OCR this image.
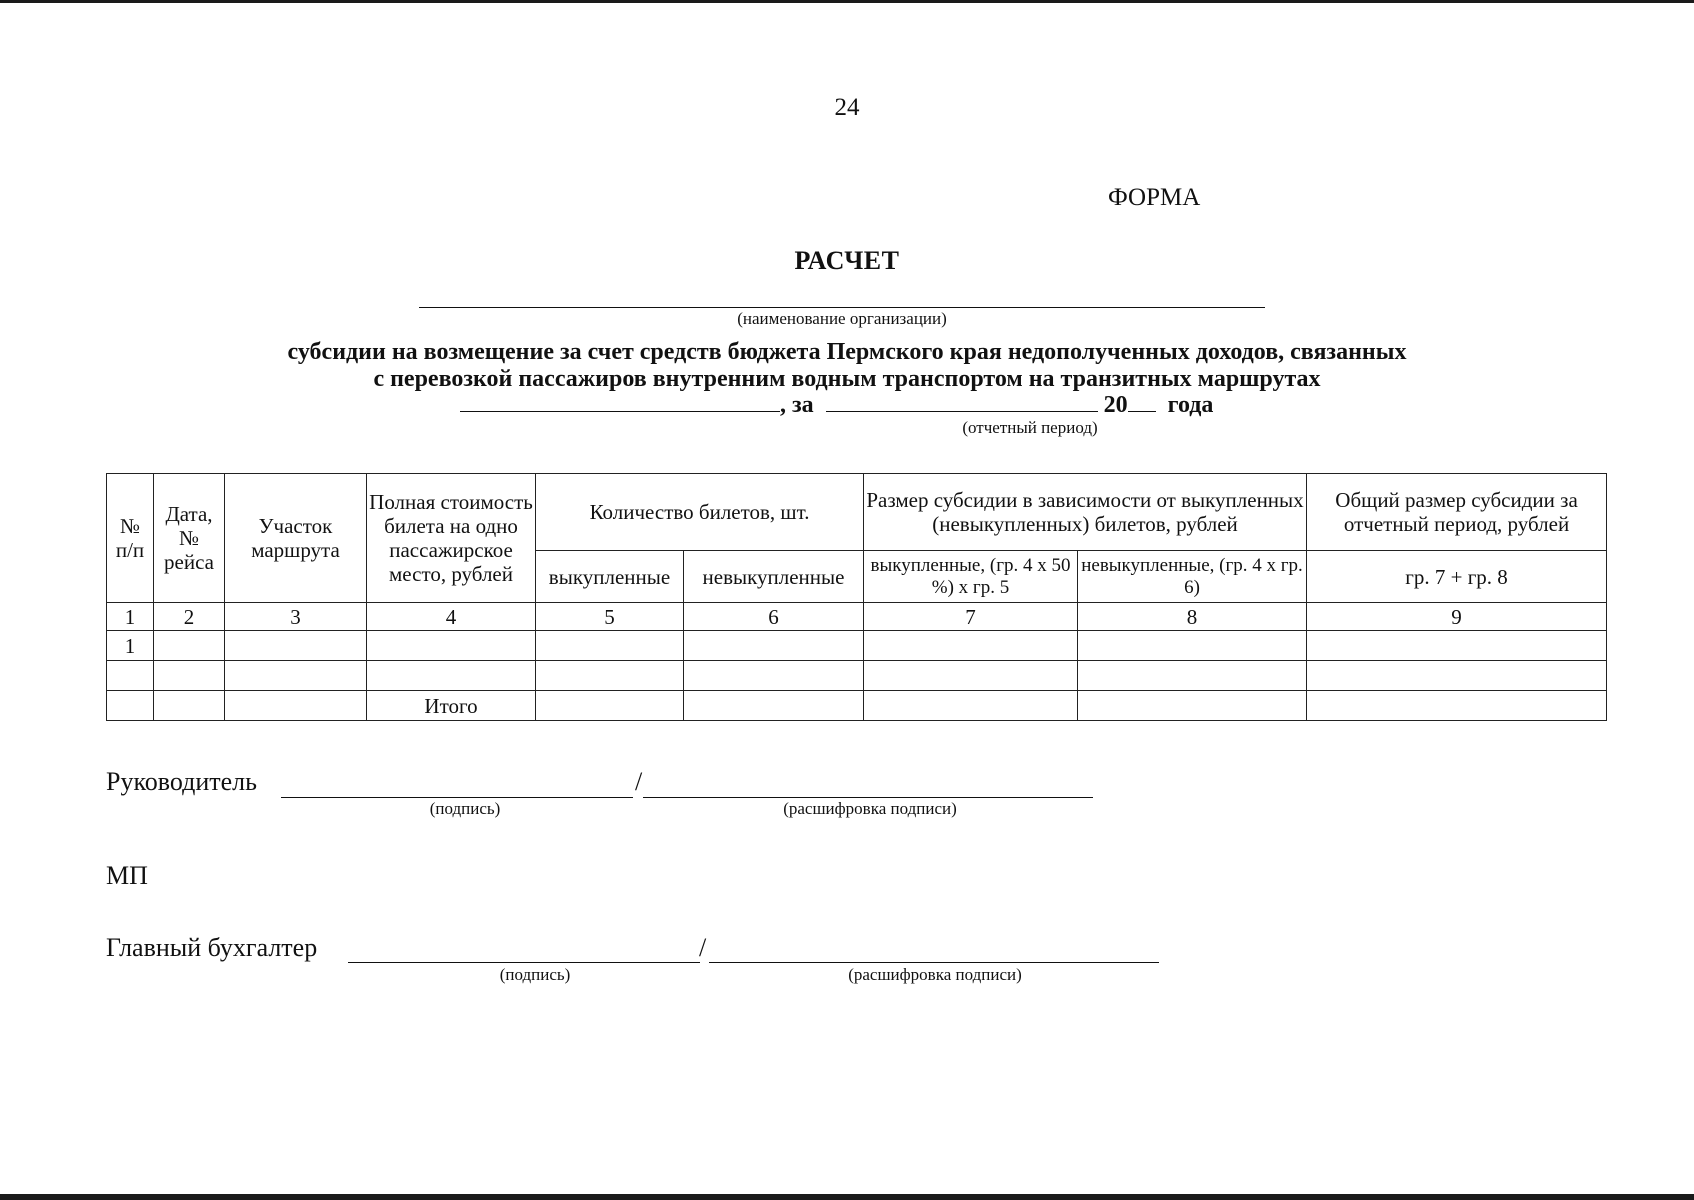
24
ФОРМА
РАСЧЕТ
(наименование организации)
субсидии на возмещение за счет средств бюджета Пермского края недополученных доходов, связанных
с перевозкой пассажиров внутренним водным транспортом на транзитных маршрутах
, за	20 года
(отчетный период)
№ п/п	Дата, № рейса	Участок маршрута	Полная стоимость билета на одно пассажирское место, рублей	Количество билетов, шт.		Размер субсидии в зависимости от выкупленных (невыкупленных) билетов, рублей		Общий размер субсидии за отчетный период, рублей
				выкупленные	невыкупленные	выкупленные, (гр. 4 х 50 %) х гр. 5	невыкупленные, (гр. 4 х гр. 6)	гр. 7 + гр. 8
1	2	3	4	5	6	7	8	9
1								

			Итого					
Руководитель	/
(подпись)	(расшифровка подписи)
МП
Главный бухгалтер	/
(подпись)	(расшифровка подписи)
